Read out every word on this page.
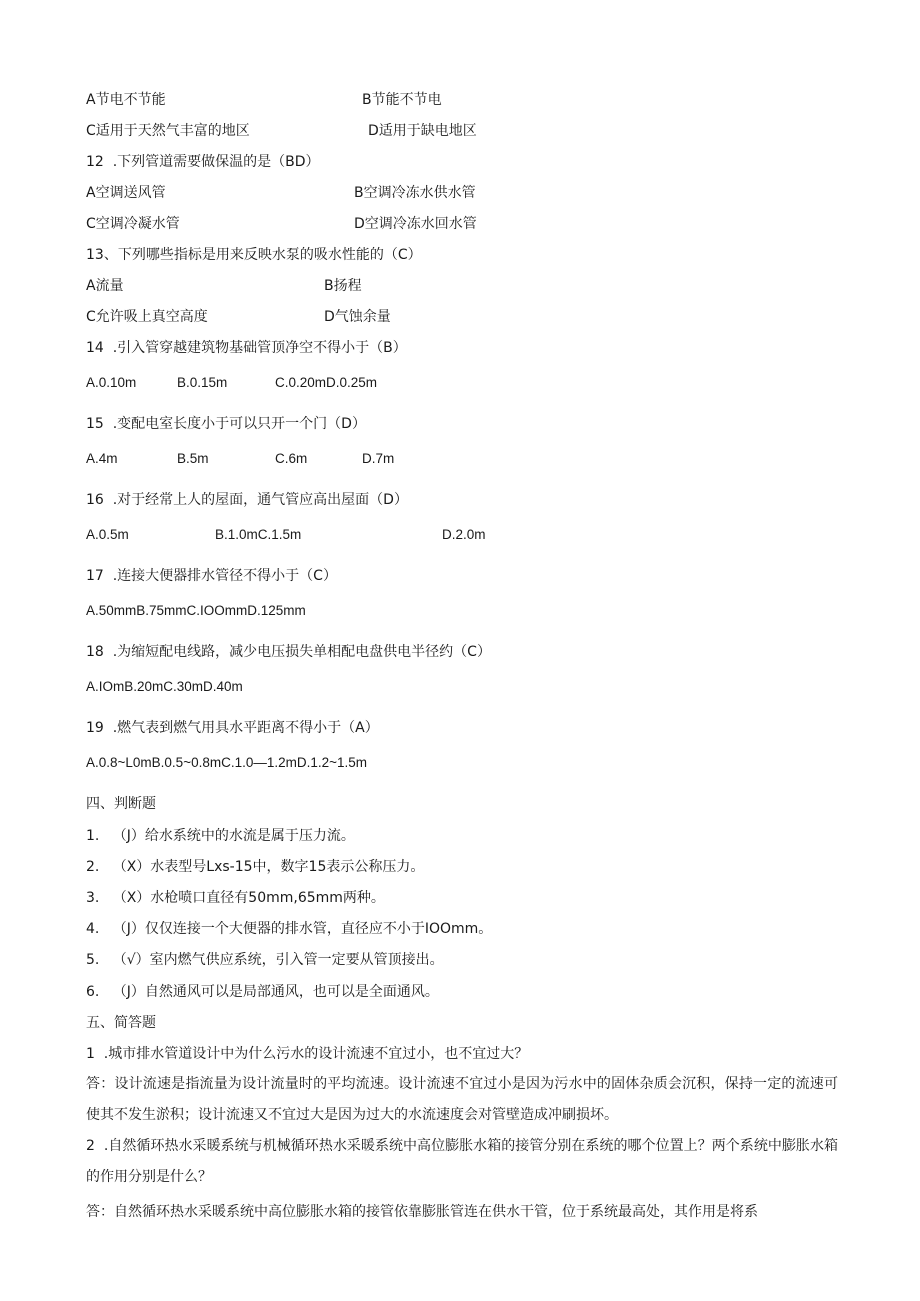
A节电不节能	B节能不节电
C适用于天然气丰富的地区	D适用于缺电地区
12  .下列管道需要做保温的是（BD）
A空调送风管	B空调冷冻水供水管
C空调冷凝水管	D空调冷冻水回水管
13、下列哪些指标是用来反映水泵的吸水性能的（C）
A流量	B扬程
C允许吸上真空高度	D气蚀余量
14  .引入管穿越建筑物基础管顶净空不得小于（B）
A.0.10m	B.0.15m	C.0.20mD.0.25m
15  .变配电室长度小于可以只开一个门（D）
A.4m	B.5m	C.6m	D.7m
16  .对于经常上人的屋面，通气管应高出屋面（D）
A.0.5m	B.1.0mC.1.5m	D.2.0m
17  .连接大便器排水管径不得小于（C）
A.50mmB.75mmC.IOOmmD.125mm
18  .为缩短配电线路，减少电压损失单相配电盘供电半径约（C）
A.IOmB.20mC.30mD.40m
19  .燃气表到燃气用具水平距离不得小于（A）
A.0.8~L0mB.0.5~0.8mC.1.0—1.2mD.1.2~1.5m
四、判断题
1.   （J）给水系统中的水流是属于压力流。
2.   （X）水表型号Lxs-15中，数字15表示公称压力。
3.   （X）水枪喷口直径有50mm,65mm两种。
4.   （J）仅仅连接一个大便器的排水管，直径应不小于IOOmm。
5.   （√）室内燃气供应系统，引入管一定要从管顶接出。
6.   （J）自然通风可以是局部通风，也可以是全面通风。
五、简答题
1  .城市排水管道设计中为什么污水的设计流速不宜过小，也不宜过大？
答：设计流速是指流量为设计流量时的平均流速。设计流速不宜过小是因为污水中的固体杂质会沉积，保持一定的流速可使其不发生淤积；设计流速又不宜过大是因为过大的水流速度会对管壁造成冲刷损坏。
2  .自然循环热水采暖系统与机械循环热水采暖系统中高位膨胀水箱的接管分别在系统的哪个位置上？两个系统中膨胀水箱的作用分别是什么？
答：自然循环热水采暖系统中高位膨胀水箱的接管依靠膨胀管连在供水干管，位于系统最高处，其作用是将系
